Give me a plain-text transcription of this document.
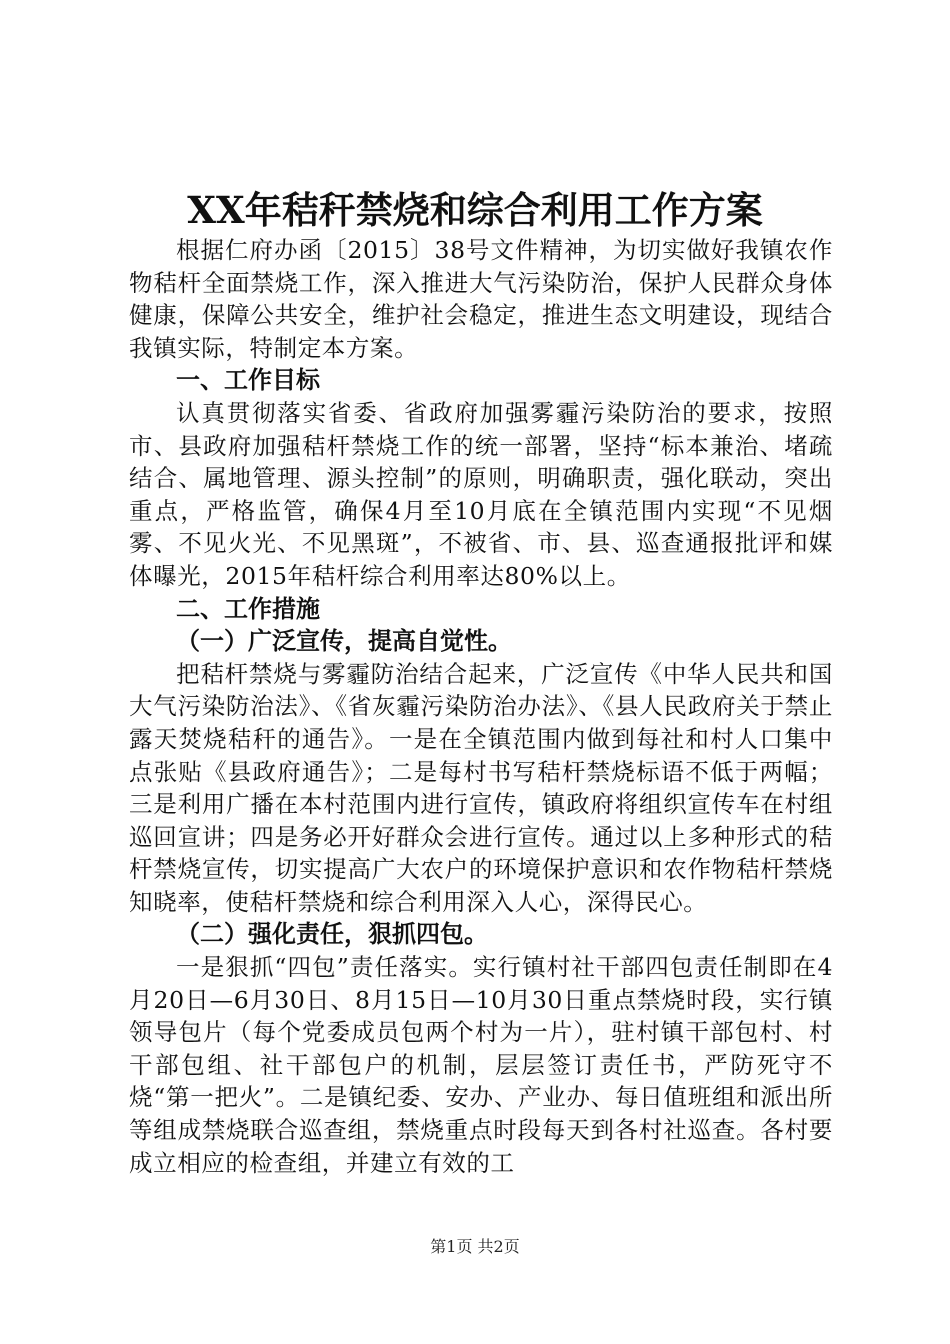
XX年秸秆禁烧和综合利用工作方案

根据仁府办函〔2015〕38号文件精神，为切实做好我镇农作物秸杆全面禁烧工作，深入推进大气污染防治，保护人民群众身体健康，保障公共安全，维护社会稳定，推进生态文明建设，现结合我镇实际，特制定本方案。

一、工作目标

认真贯彻落实省委、省政府加强雾霾污染防治的要求，按照市、县政府加强秸杆禁烧工作的统一部署，坚持“标本兼治、堵疏结合、属地管理、源头控制”的原则，明确职责，强化联动，突出重点，严格监管，确保4月至10月底在全镇范围内实现“不见烟雾、不见火光、不见黑斑”，不被省、市、县、巡查通报批评和媒体曝光，2015年秸杆综合利用率达80%以上。

二、工作措施

（一）广泛宣传，提高自觉性。

把秸杆禁烧与雾霾防治结合起来，广泛宣传《中华人民共和国大气污染防治法》、《省灰霾污染防治办法》、《县人民政府关于禁止露天焚烧秸秆的通告》。一是在全镇范围内做到每社和村人口集中点张贴《县政府通告》；二是每村书写秸杆禁烧标语不低于两幅；三是利用广播在本村范围内进行宣传，镇政府将组织宣传车在村组巡回宣讲；四是务必开好群众会进行宣传。通过以上多种形式的秸杆禁烧宣传，切实提高广大农户的环境保护意识和农作物秸杆禁烧知晓率，使秸杆禁烧和综合利用深入人心，深得民心。

（二）强化责任，狠抓四包。

一是狠抓“四包”责任落实。实行镇村社干部四包责任制即在4月20日—6月30日、8月15日—10月30日重点禁烧时段，实行镇领导包片（每个党委成员包两个村为一片），驻村镇干部包村、村干部包组、社干部包户的机制，层层签订责任书，严防死守不烧“第一把火”。二是镇纪委、安办、产业办、每日值班组和派出所等组成禁烧联合巡查组，禁烧重点时段每天到各村社巡查。各村要成立相应的检查组，并建立有效的工

第1页 共2页
